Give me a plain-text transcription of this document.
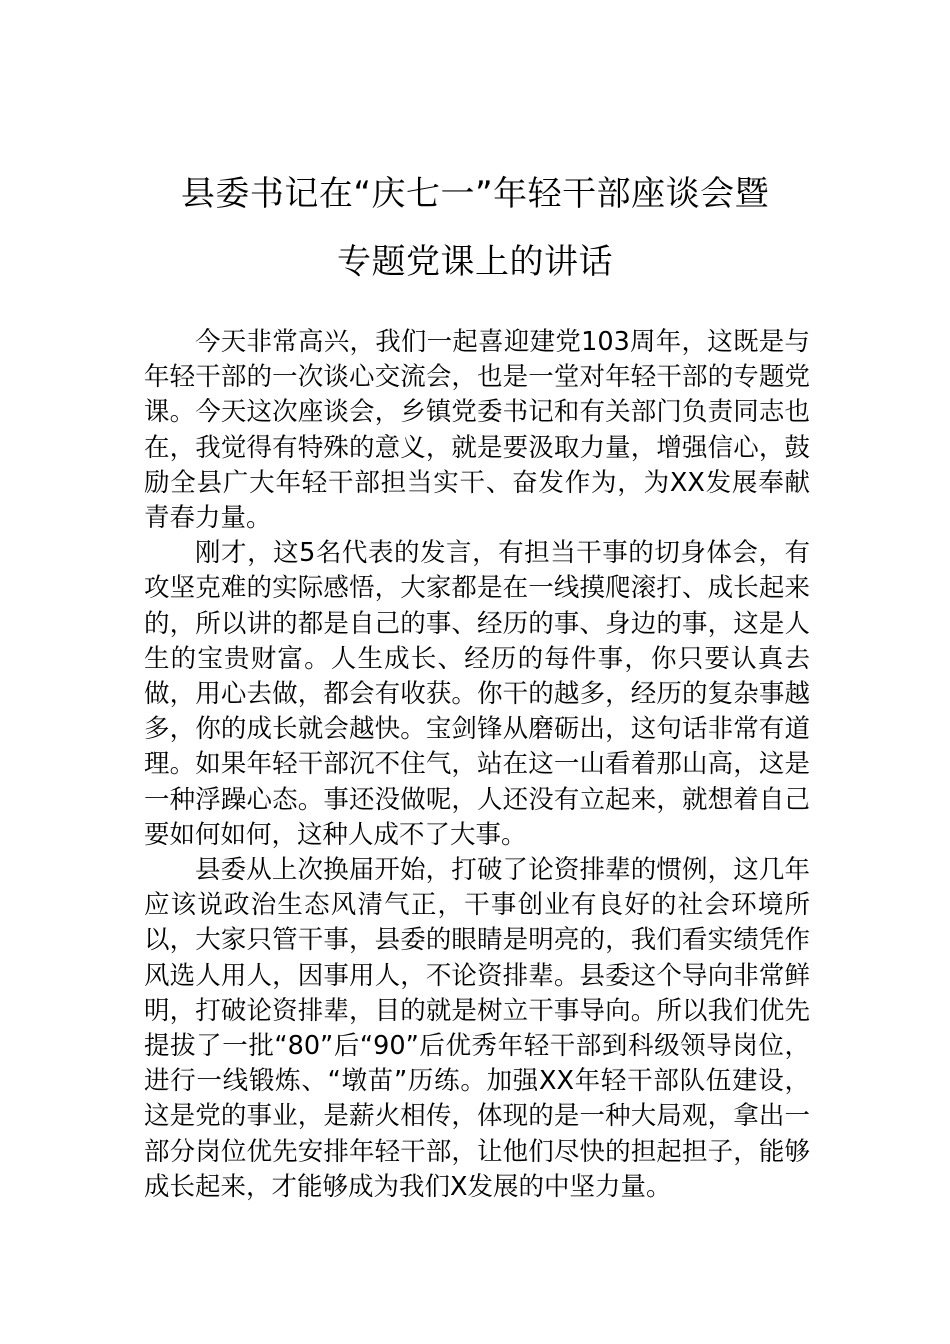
县委书记在“庆七一”年轻干部座谈会暨
专题党课上的讲话

今天非常高兴，我们一起喜迎建党103周年，这既是与年轻干部的一次谈心交流会，也是一堂对年轻干部的专题党课。今天这次座谈会，乡镇党委书记和有关部门负责同志也在，我觉得有特殊的意义，就是要汲取力量，增强信心，鼓励全县广大年轻干部担当实干、奋发作为，为XX发展奉献青春力量。

刚才，这5名代表的发言，有担当干事的切身体会，有攻坚克难的实际感悟，大家都是在一线摸爬滚打、成长起来的，所以讲的都是自己的事、经历的事、身边的事，这是人生的宝贵财富。人生成长、经历的每件事，你只要认真去做，用心去做，都会有收获。你干的越多，经历的复杂事越多，你的成长就会越快。宝剑锋从磨砺出，这句话非常有道理。如果年轻干部沉不住气，站在这一山看着那山高，这是一种浮躁心态。事还没做呢，人还没有立起来，就想着自己要如何如何，这种人成不了大事。

县委从上次换届开始，打破了论资排辈的惯例，这几年应该说政治生态风清气正，干事创业有良好的社会环境所以，大家只管干事，县委的眼睛是明亮的，我们看实绩凭作风选人用人，因事用人，不论资排辈。县委这个导向非常鲜明，打破论资排辈，目的就是树立干事导向。所以我们优先提拔了一批“80”后“90”后优秀年轻干部到科级领导岗位，进行一线锻炼、“墩苗”历练。加强XX年轻干部队伍建设，这是党的事业，是薪火相传，体现的是一种大局观，拿出一部分岗位优先安排年轻干部，让他们尽快的担起担子，能够成长起来，才能够成为我们X发展的中坚力量。
